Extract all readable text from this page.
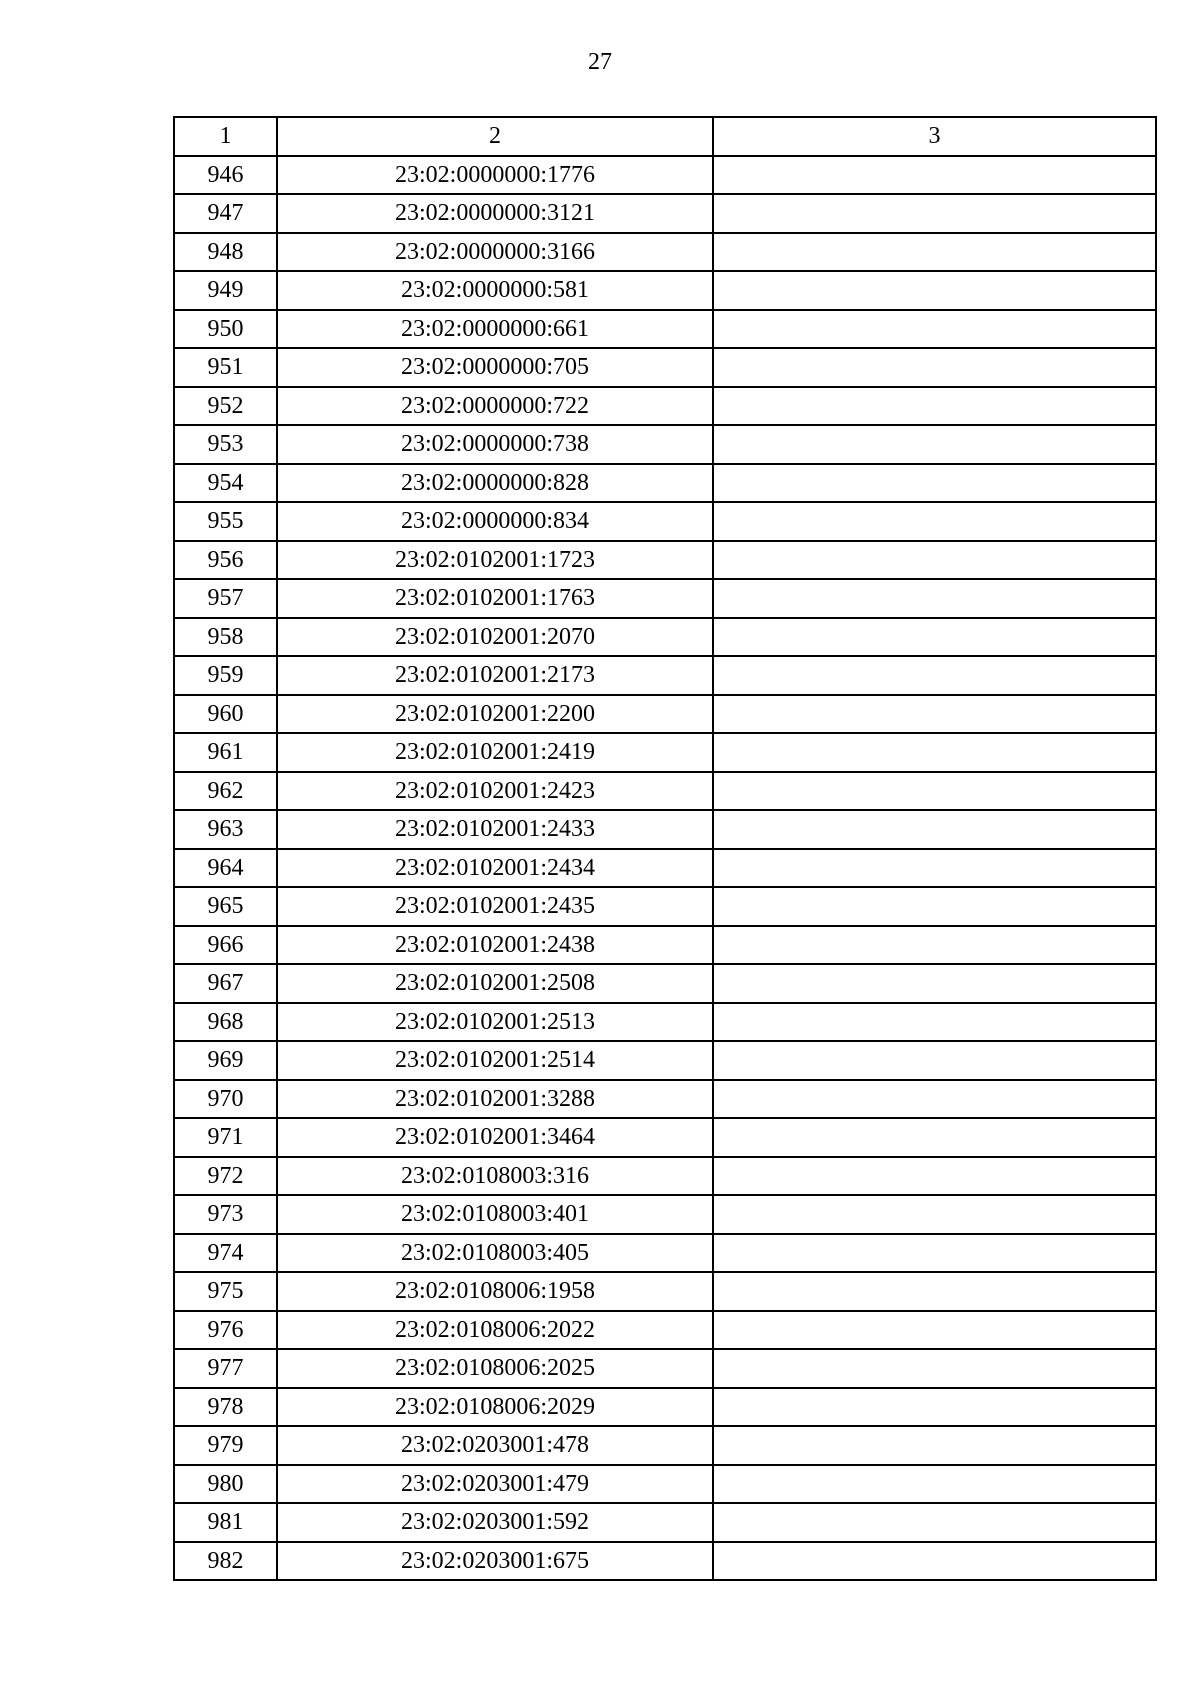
27
1	2	3
946	23:02:0000000:1776	
947	23:02:0000000:3121	
948	23:02:0000000:3166	
949	23:02:0000000:581	
950	23:02:0000000:661	
951	23:02:0000000:705	
952	23:02:0000000:722	
953	23:02:0000000:738	
954	23:02:0000000:828	
955	23:02:0000000:834	
956	23:02:0102001:1723	
957	23:02:0102001:1763	
958	23:02:0102001:2070	
959	23:02:0102001:2173	
960	23:02:0102001:2200	
961	23:02:0102001:2419	
962	23:02:0102001:2423	
963	23:02:0102001:2433	
964	23:02:0102001:2434	
965	23:02:0102001:2435	
966	23:02:0102001:2438	
967	23:02:0102001:2508	
968	23:02:0102001:2513	
969	23:02:0102001:2514	
970	23:02:0102001:3288	
971	23:02:0102001:3464	
972	23:02:0108003:316	
973	23:02:0108003:401	
974	23:02:0108003:405	
975	23:02:0108006:1958	
976	23:02:0108006:2022	
977	23:02:0108006:2025	
978	23:02:0108006:2029	
979	23:02:0203001:478	
980	23:02:0203001:479	
981	23:02:0203001:592	
982	23:02:0203001:675	
